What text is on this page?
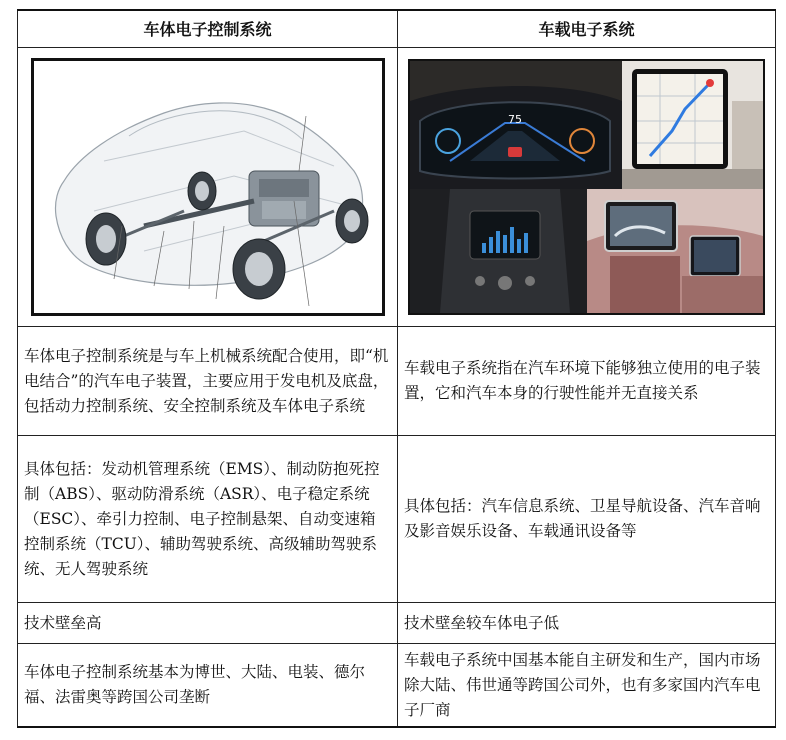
车体电子控制系统	车载电子系统

75

车体电子控制系统是与车上机械系统配合使用，即“机电结合”的汽车电子装置，主要应用于发电机及底盘，包括动力控制系统、安全控制系统及车体电子系统	车载电子系统指在汽车环境下能够独立使用的电子装置，它和汽车本身的行驶性能并无直接关系
具体包括：发动机管理系统（EMS）、制动防抱死控制（ABS）、驱动防滑系统（ASR）、电子稳定系统（ESC）、牵引力控制、电子控制悬架、自动变速箱控制系统（TCU）、辅助驾驶系统、高级辅助驾驶系统、无人驾驶系统	具体包括：汽车信息系统、卫星导航设备、汽车音响及影音娱乐设备、车载通讯设备等
技术壁垒高	技术壁垒较车体电子低
车体电子控制系统基本为博世、大陆、电装、德尔福、法雷奥等跨国公司垄断	车载电子系统中国基本能自主研发和生产，国内市场除大陆、伟世通等跨国公司外，也有多家国内汽车电子厂商
